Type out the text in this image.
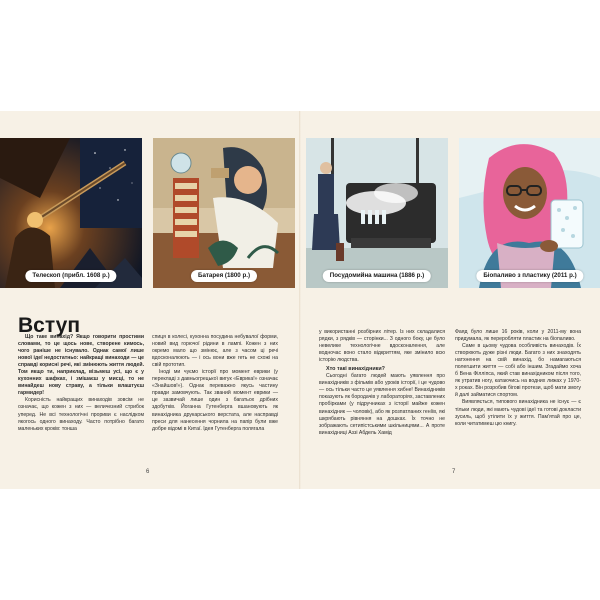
Телескоп (прибл. 1608 р.)	Батарея (1800 р.)	Посудомийна машина (1886 р.)	Біопаливо з пластику (2011 р.)
Вступ

Що таке винахід? Якщо говорити простими словами, то це щось нове, створене кимось, чого раніше не існувало. Однак самої лише нової ідеї недостатньо: найкращі винаходи — це справді корисні речі, які змінюють життя людей. Том якщо ти, наприклад, візьмеш усі, що є у кухонних шафках, і змішаєш у мисці, то не винайдеш нову страву, а тільки влаштуєш гармидер!

Корисність найкращих винаходів зовсім не означає, що кожен з них — величезний стрибок уперед. Не всі технологічні прориви є наслідком якогось одного винаходу. Часто потрібно багато маленьких кроків: тонша

спиця в колесі, кухонна посудина небувалої форми, новий вид горючої рідини в лампі. Кожен з них окремо мало що змінює, але з часом ці речі вдосконалюють — і ось вони вже геть не схожі на свій прототип.

Іноді ми чуємо історії про момент еврики (у перекладі з давньогрецької вигук «Еврика!» означає «Знайшов!»). Однак переважно якусь частину правди замовчують. Так званий момент еврики — це зазвичай лише один з багатьох дрібних здобутків. Йоганна Гутенберга вшановують як винахідника друкарського верстата, але насправді преси для нанесення чорнила на папір були вже добре відомі в Китаї. Ідея Гутенберга полягала

у використанні розбірних літер. Із них складалися рядки, з рядків — сторінки... З одного боку, це було невелике технологічне вдосконалення, але водночас воно стало відкриттям, яке змінило всю історію людства.

Хто такі винахідники?

Сьогодні багато людей мають уявлення про винахідників з фільмів або уроків історії, і це чудово — ось тільки часто це уявлення хибне! Винахідників показують як бородачів у лабораторіях, заставлених пробірками (у підручниках з історії майже кожен винахідник — чоловік), або як розпатланих геніїв, які шкрябають рівняння на дошках. Їх точно не зображають сетипістськими шкільницями... А проте винахідниці Аззі Абдель Хамід

Фаяд було лише 16 років, коли у 2011-му вона придумала, як переробляти пластик на біопаливо.

Саме в цьому чудова особливість винаходів. Їх створюють дуже різні люди. Багато з них знаходять натхнення на свій винахід, бо намагаються полегшити життя — собі або іншим. Згадаймо хоча б Вена Філліпса, який став винахідником після того, як утратив ногу, катаючись на водних лижах у 1970-х роках. Він розробив бігові протези, щоб мати змогу й далі займатися спортом.

Виявляється, типового винахідника не існує — є тільки люди, які мають чудові ідеї та готові докласти зусиль, щоб утілити їх у життя. Пам'ятай про це, коли читатимеш цю книгу.

6	7
